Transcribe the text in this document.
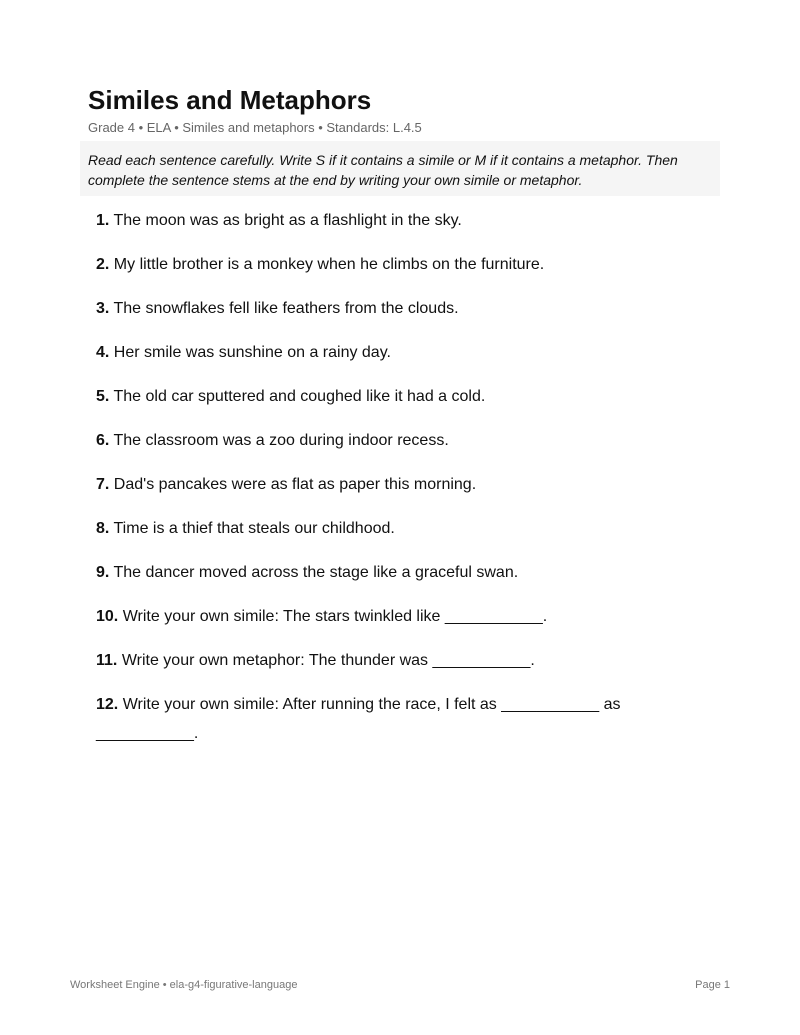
Similes and Metaphors
Grade 4 • ELA • Similes and metaphors • Standards: L.4.5
Read each sentence carefully. Write S if it contains a simile or M if it contains a metaphor. Then complete the sentence stems at the end by writing your own simile or metaphor.
1. The moon was as bright as a flashlight in the sky.
2. My little brother is a monkey when he climbs on the furniture.
3. The snowflakes fell like feathers from the clouds.
4. Her smile was sunshine on a rainy day.
5. The old car sputtered and coughed like it had a cold.
6. The classroom was a zoo during indoor recess.
7. Dad's pancakes were as flat as paper this morning.
8. Time is a thief that steals our childhood.
9. The dancer moved across the stage like a graceful swan.
10. Write your own simile: The stars twinkled like ___________.
11. Write your own metaphor: The thunder was ___________.
12. Write your own simile: After running the race, I felt as ___________ as ___________.
Worksheet Engine • ela-g4-figurative-language	Page 1
